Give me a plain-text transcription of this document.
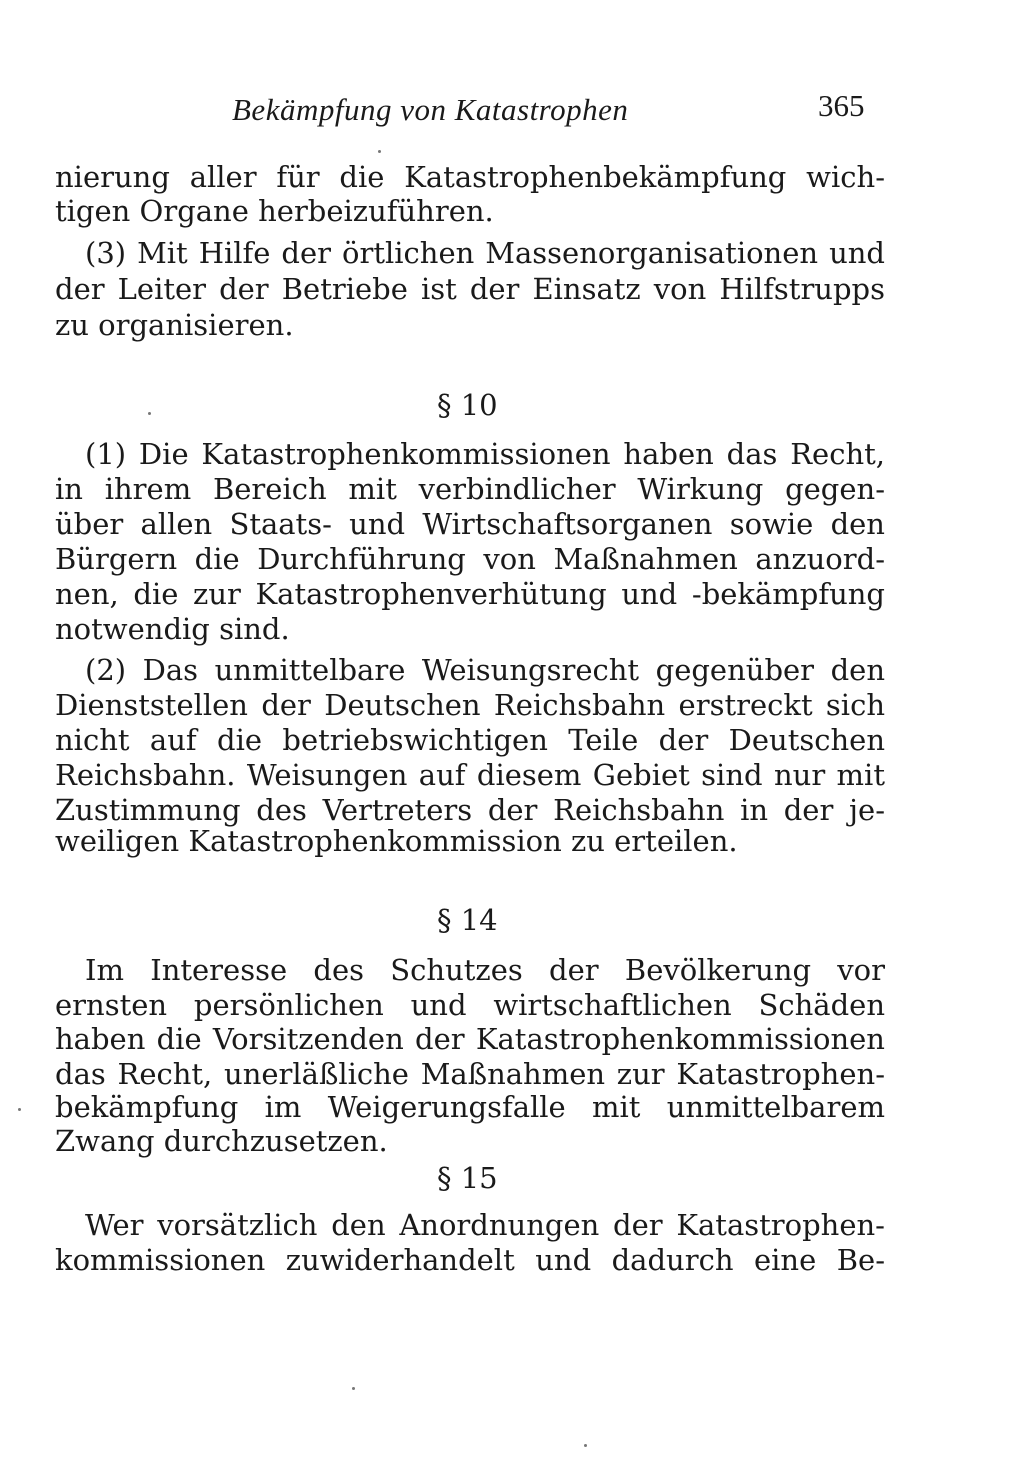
Bekämpfung von Katastrophen	365
nierung aller für die Katastrophenbekämpfung wich-
tigen Organe herbeizuführen.
(3) Mit Hilfe der örtlichen Massenorganisationen und
der Leiter der Betriebe ist der Einsatz von Hilfstrupps
zu organisieren.
§ 10
(1) Die Katastrophenkommissionen haben das Recht,
in ihrem Bereich mit verbindlicher Wirkung gegen-
über allen Staats- und Wirtschaftsorganen sowie den
Bürgern die Durchführung von Maßnahmen anzuord-
nen, die zur Katastrophenverhütung und -bekämpfung
notwendig sind.
(2) Das unmittelbare Weisungsrecht gegenüber den
Dienststellen der Deutschen Reichsbahn erstreckt sich
nicht auf die betriebswichtigen Teile der Deutschen
Reichsbahn. Weisungen auf diesem Gebiet sind nur mit
Zustimmung des Vertreters der Reichsbahn in der je-
weiligen Katastrophenkommission zu erteilen.
§ 14
Im Interesse des Schutzes der Bevölkerung vor
ernsten persönlichen und wirtschaftlichen Schäden
haben die Vorsitzenden der Katastrophenkommissionen
das Recht, unerläßliche Maßnahmen zur Katastrophen-
bekämpfung im Weigerungsfalle mit unmittelbarem
Zwang durchzusetzen.
§ 15
Wer vorsätzlich den Anordnungen der Katastrophen-
kommissionen zuwiderhandelt und dadurch eine Be-
